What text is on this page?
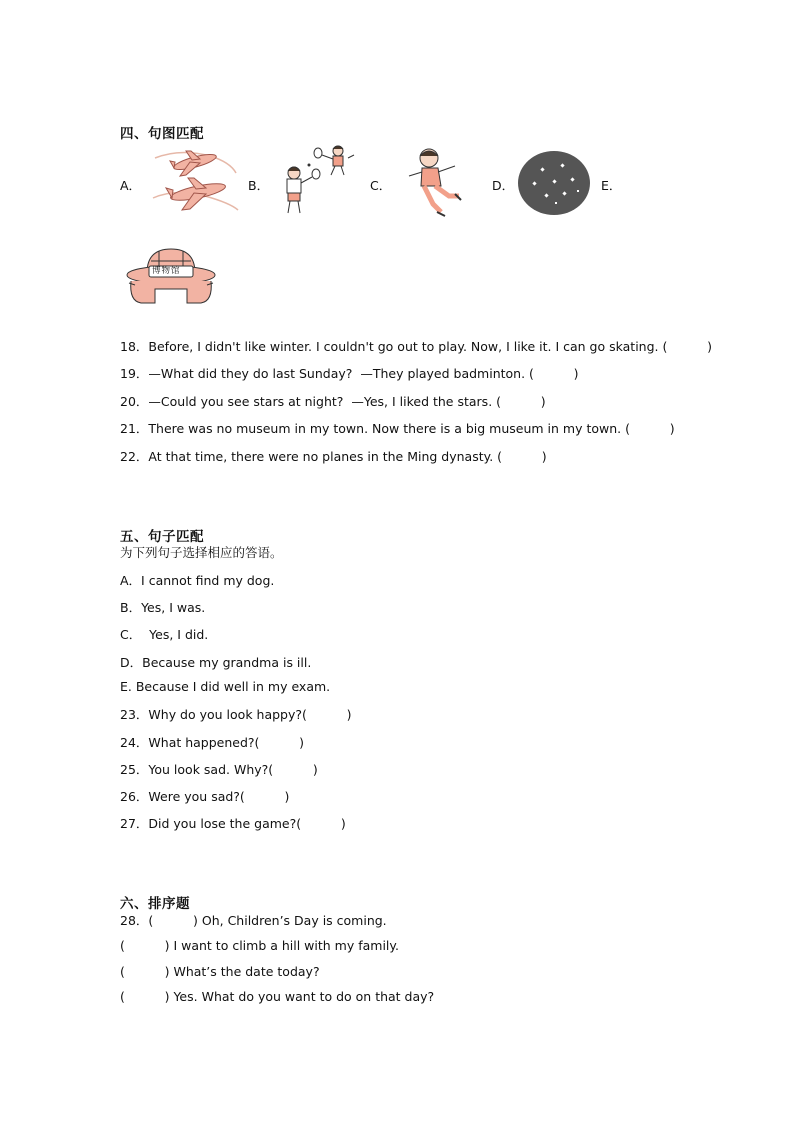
四、句图匹配
A．	B．	C．	D．	E．
博物馆
18．Before, I didn't like winter. I couldn't go out to play. Now, I like it. I can go skating. (          )
19．—What did they do last Sunday?  —They played badminton. (          )
20．—Could you see stars at night?  —Yes, I liked the stars. (          )
21．There was no museum in my town. Now there is a big museum in my town. (          )
22．At that time, there were no planes in the Ming dynasty. (          )
五、句子匹配
为下列句子选择相应的答语。
A．I cannot find my dog.
B．Yes, I was.
C．  Yes, I did.
D．Because my grandma is ill.
E. Because I did well in my exam.
23．Why do you look happy?(          )
24．What happened?(          )
25．You look sad. Why?(          )
26．Were you sad?(          )
27．Did you lose the game?(          )
六、排序题
28．(          ) Oh, Children’s Day is coming.
(          ) I want to climb a hill with my family.
(          ) What’s the date today?
(          ) Yes. What do you want to do on that day?
